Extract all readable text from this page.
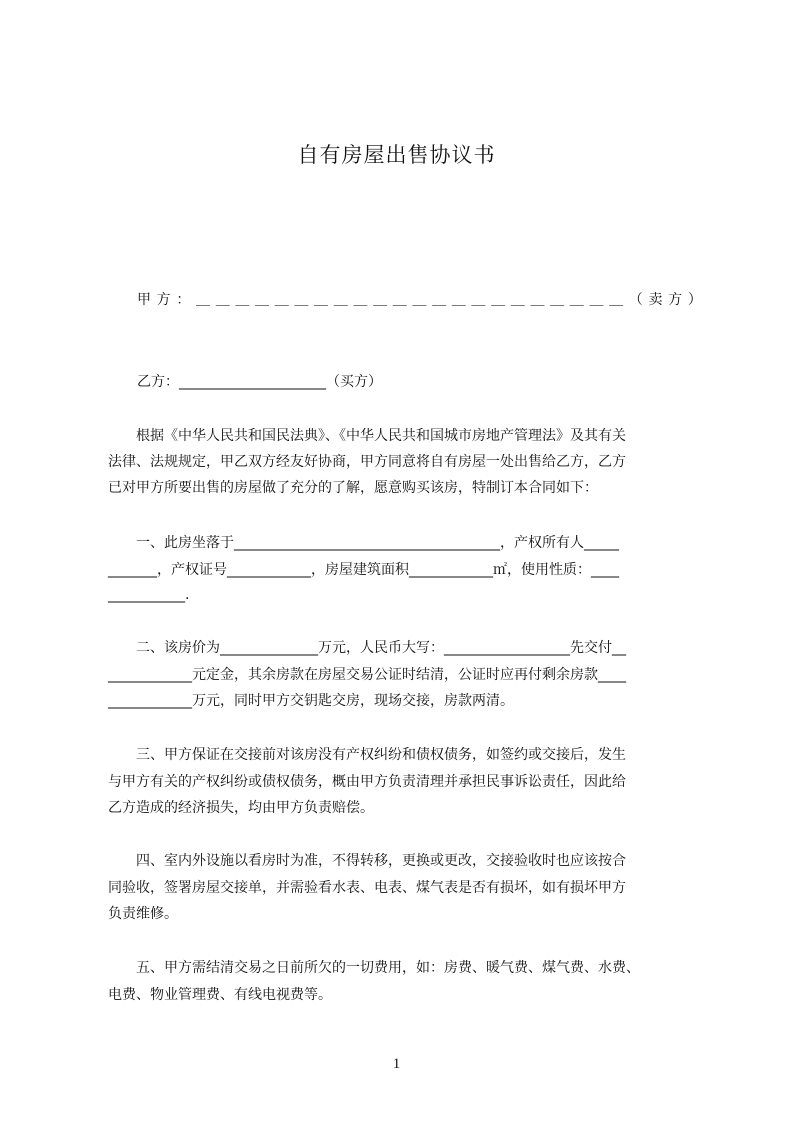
自有房屋出售协议书
甲 方 ： ＿ ＿ ＿ ＿ ＿ ＿ ＿ ＿ ＿ ＿ ＿ ＿ ＿ ＿ ＿ ＿ ＿ ＿ ＿ ＿ ＿ ＿ （ 卖 方 ）
乙方：_____________________（买方）
　　根据《中华人民共和国民法典》、《中华人民共和国城市房地产管理法》及其有关
法律、法规规定，甲乙双方经友好协商，甲方同意将自有房屋一处出售给乙方，乙方
已对甲方所要出售的房屋做了充分的了解，愿意购买该房，特制订本合同如下：
　　一、此房坐落于______________________________________，产权所有人_____
_______，产权证号____________，房屋建筑面积____________㎡，使用性质：____
___________.
　　二、该房价为______________万元，人民币大写：__________________先交付__
____________元定金，其余房款在房屋交易公证时结清，公证时应再付剩余房款____
____________万元，同时甲方交钥匙交房，现场交接，房款两清。
　　三、甲方保证在交接前对该房没有产权纠纷和债权债务，如签约或交接后，发生
与甲方有关的产权纠纷或债权债务，概由甲方负责清理并承担民事诉讼责任，因此给
乙方造成的经济损失，均由甲方负责赔偿。
　　四、室内外设施以看房时为准，不得转移，更换或更改，交接验收时也应该按合
同验收，签署房屋交接单，并需验看水表、电表、煤气表是否有损坏，如有损坏甲方
负责维修。
　　五、甲方需结清交易之日前所欠的一切费用，如：房费、暖气费、煤气费、水费、
电费、物业管理费、有线电视费等。
1
